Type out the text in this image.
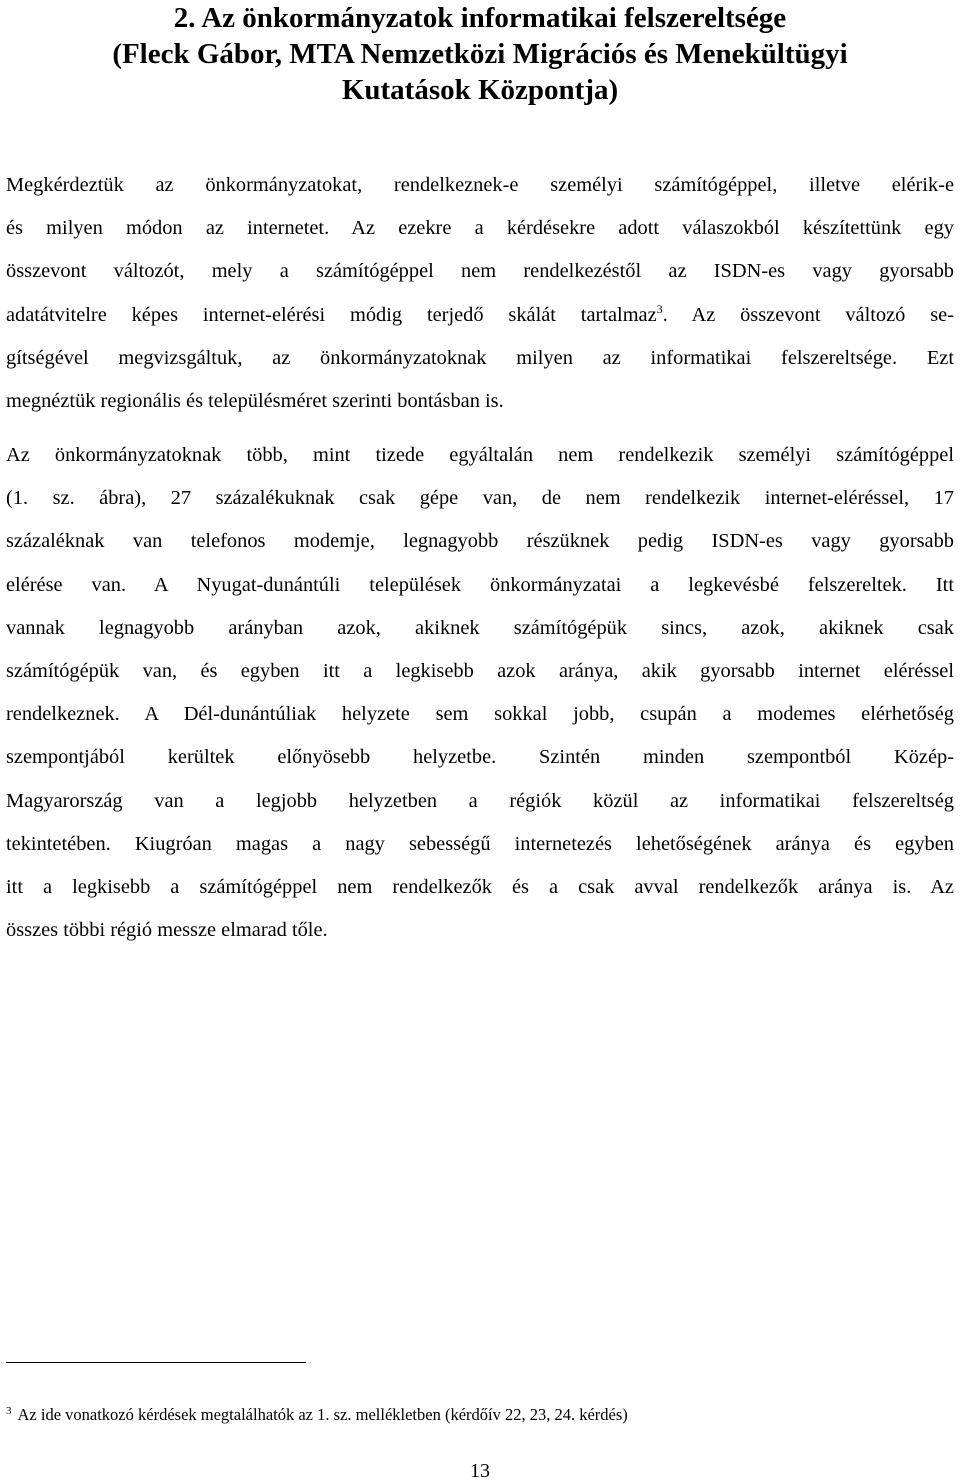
2. Az önkormányzatok informatikai felszereltsége
(Fleck Gábor, MTA Nemzetközi Migrációs és Menekültügyi
Kutatások Központja)
Megkérdeztük az önkormányzatokat, rendelkeznek-e személyi számítógéppel, illetve elérik-e
és milyen módon az internetet. Az ezekre a kérdésekre adott válaszokból készítettünk egy
összevont változót, mely a számítógéppel nem rendelkezéstől az ISDN-es vagy gyorsabb
adatátvitelre képes internet-elérési módig terjedő skálát tartalmaz$^3$. Az összevont változó se-
gítségével megvizsgáltuk, az önkormányzatoknak milyen az informatikai felszereltsége. Ezt
megnéztük regionális és településméret szerinti bontásban is.
Az önkormányzatoknak több, mint tizede egyáltalán nem rendelkezik személyi számítógéppel
(1. sz. ábra), 27 százalékuknak csak gépe van, de nem rendelkezik internet-eléréssel, 17
százaléknak van telefonos modemje, legnagyobb részüknek pedig ISDN-es vagy gyorsabb
elérése van. A Nyugat-dunántúli települések önkormányzatai a legkevésbé felszereltek. Itt
vannak legnagyobb arányban azok, akiknek számítógépük sincs, azok, akiknek csak
számítógépük van, és egyben itt a legkisebb azok aránya, akik gyorsabb internet eléréssel
rendelkeznek. A Dél-dunántúliak helyzete sem sokkal jobb, csupán a modemes elérhetőség
szempontjából kerültek előnyösebb helyzetbe. Szintén minden szempontból Közép-
Magyarország van a legjobb helyzetben a régiók közül az informatikai felszereltség
tekintetében. Kiugróan magas a nagy sebességű internetezés lehetőségének aránya és egyben
itt a legkisebb a számítógéppel nem rendelkezők és a csak avval rendelkezők aránya is. Az
összes többi régió messze elmarad tőle.
$^3$ Az ide vonatkozó kérdések megtalálhatók az 1. sz. mellékletben (kérdőív 22, 23, 24. kérdés)
13
